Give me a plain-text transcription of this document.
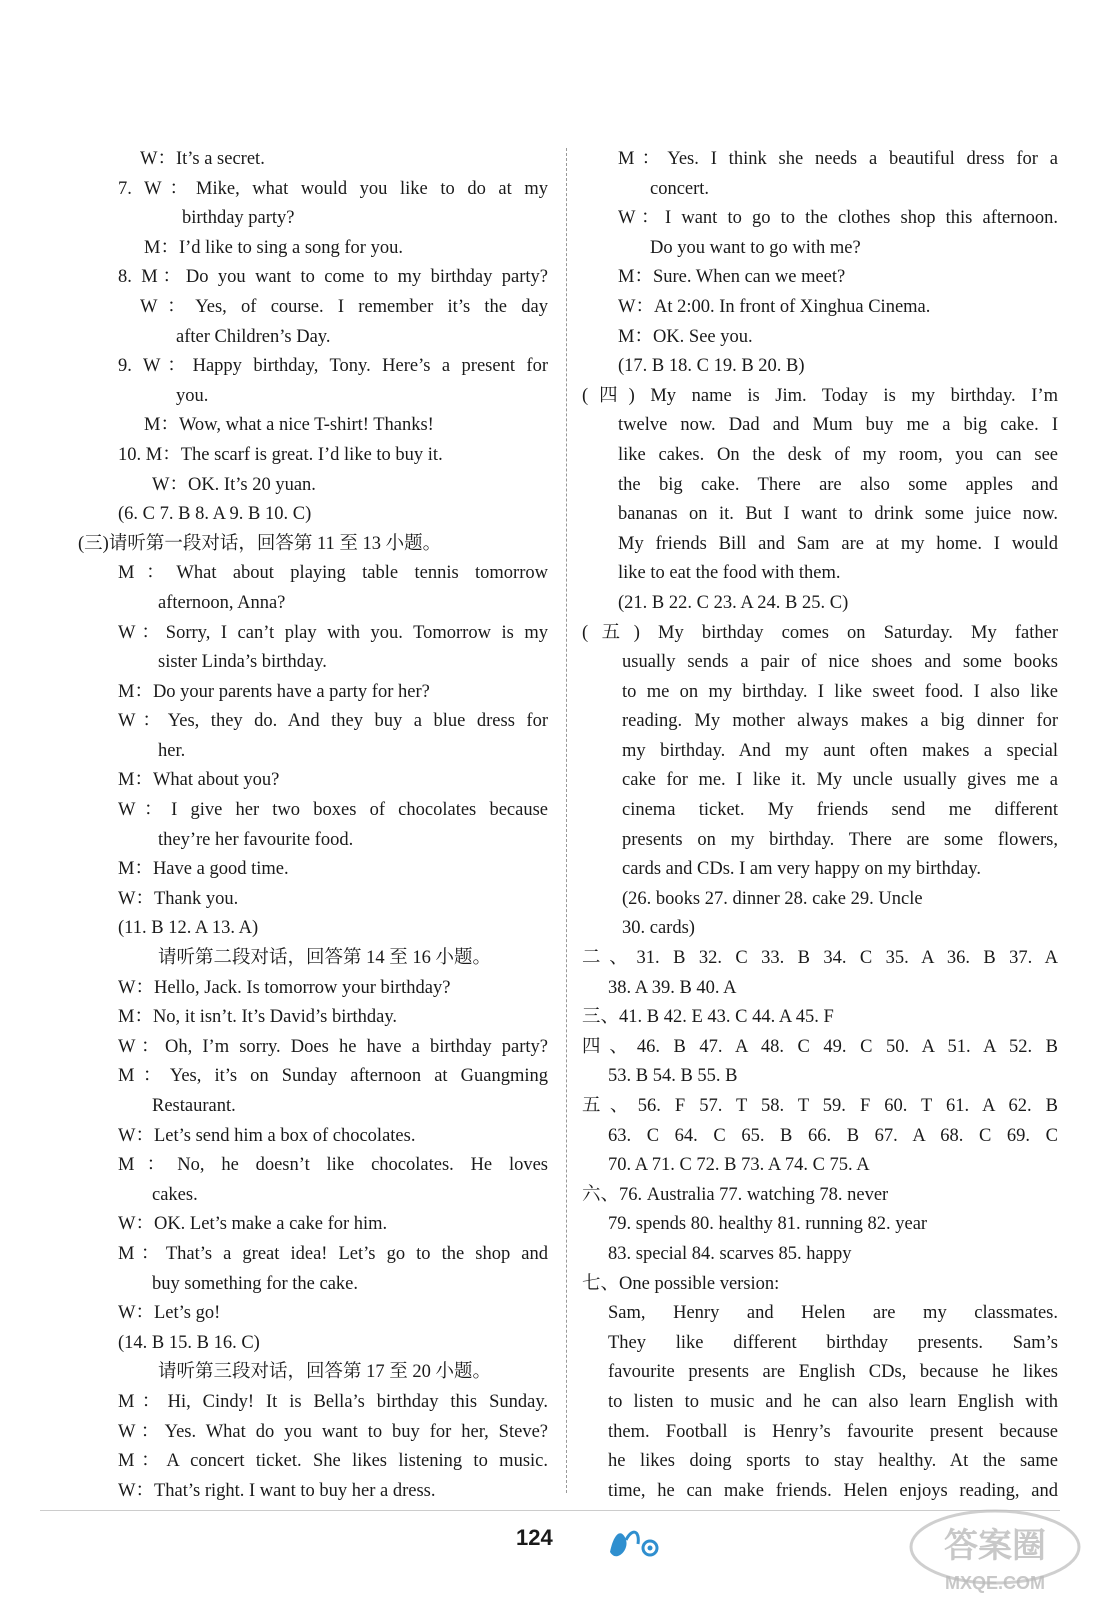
W：It’s a secret.
7. W：Mike, what would you like to do at my
birthday party?
M：I’d like to sing a song for you.
8. M：Do you want to come to my birthday party?
W：Yes, of course. I remember it’s the day
after Children’s Day.
9. W：Happy birthday, Tony. Here’s a present for
you.
M：Wow, what a nice T-shirt! Thanks!
10. M：The scarf is great. I’d like to buy it.
W：OK. It’s 20 yuan.
(6. C 7. B 8. A 9. B 10. C)
(三)请听第一段对话，回答第 11 至 13 小题。
M：What about playing table tennis tomorrow
afternoon, Anna?
W：Sorry, I can’t play with you. Tomorrow is my
sister Linda’s birthday.
M：Do your parents have a party for her?
W：Yes, they do. And they buy a blue dress for
her.
M：What about you?
W：I give her two boxes of chocolates because
they’re her favourite food.
M：Have a good time.
W：Thank you.
(11. B 12. A 13. A)
请听第二段对话，回答第 14 至 16 小题。
W：Hello, Jack. Is tomorrow your birthday?
M：No, it isn’t. It’s David’s birthday.
W：Oh, I’m sorry. Does he have a birthday party?
M：Yes, it’s on Sunday afternoon at Guangming
Restaurant.
W：Let’s send him a box of chocolates.
M：No, he doesn’t like chocolates. He loves
cakes.
W：OK. Let’s make a cake for him.
M：That’s a great idea! Let’s go to the shop and
buy something for the cake.
W：Let’s go!
(14. B 15. B 16. C)
请听第三段对话，回答第 17 至 20 小题。
M：Hi, Cindy! It is Bella’s birthday this Sunday.
W：Yes. What do you want to buy for her, Steve?
M：A concert ticket. She likes listening to music.
W：That’s right. I want to buy her a dress.
M：Yes. I think she needs a beautiful dress for a
concert.
W：I want to go to the clothes shop this afternoon.
Do you want to go with me?
M：Sure. When can we meet?
W：At 2:00. In front of Xinghua Cinema.
M：OK. See you.
(17. B 18. C 19. B 20. B)
(四) My name is Jim. Today is my birthday. I’m
twelve now. Dad and Mum buy me a big cake. I
like cakes. On the desk of my room, you can see
the big cake. There are also some apples and
bananas on it. But I want to drink some juice now.
My friends Bill and Sam are at my home. I would
like to eat the food with them.
(21. B 22. C 23. A 24. B 25. C)
(五) My birthday comes on Saturday. My father
usually sends a pair of nice shoes and some books
to me on my birthday. I like sweet food. I also like
reading. My mother always makes a big dinner for
my birthday. And my aunt often makes a special
cake for me. I like it. My uncle usually gives me a
cinema ticket. My friends send me different
presents on my birthday. There are some flowers,
cards and CDs. I am very happy on my birthday.
(26. books 27. dinner 28. cake 29. Uncle
30. cards)
二、31. B 32. C 33. B 34. C 35. A 36. B 37. A
38. A 39. B 40. A
三、41. B 42. E 43. C 44. A 45. F
四、46. B 47. A 48. C 49. C 50. A 51. A 52. B
53. B 54. B 55. B
五、56. F 57. T 58. T 59. F 60. T 61. A 62. B
63. C 64. C 65. B 66. B 67. A 68. C 69. C
70. A 71. C 72. B 73. A 74. C 75. A
六、76. Australia 77. watching 78. never
79. spends 80. healthy 81. running 82. year
83. special 84. scarves 85. happy
七、One possible version:
Sam, Henry and Helen are my classmates.
They like different birthday presents. Sam’s
favourite presents are English CDs, because he likes
to listen to music and he can also learn English with
them. Football is Henry’s favourite present because
he likes doing sports to stay healthy. At the same
time, he can make friends. Helen enjoys reading, and
124	答案圈
MXQE.COM
